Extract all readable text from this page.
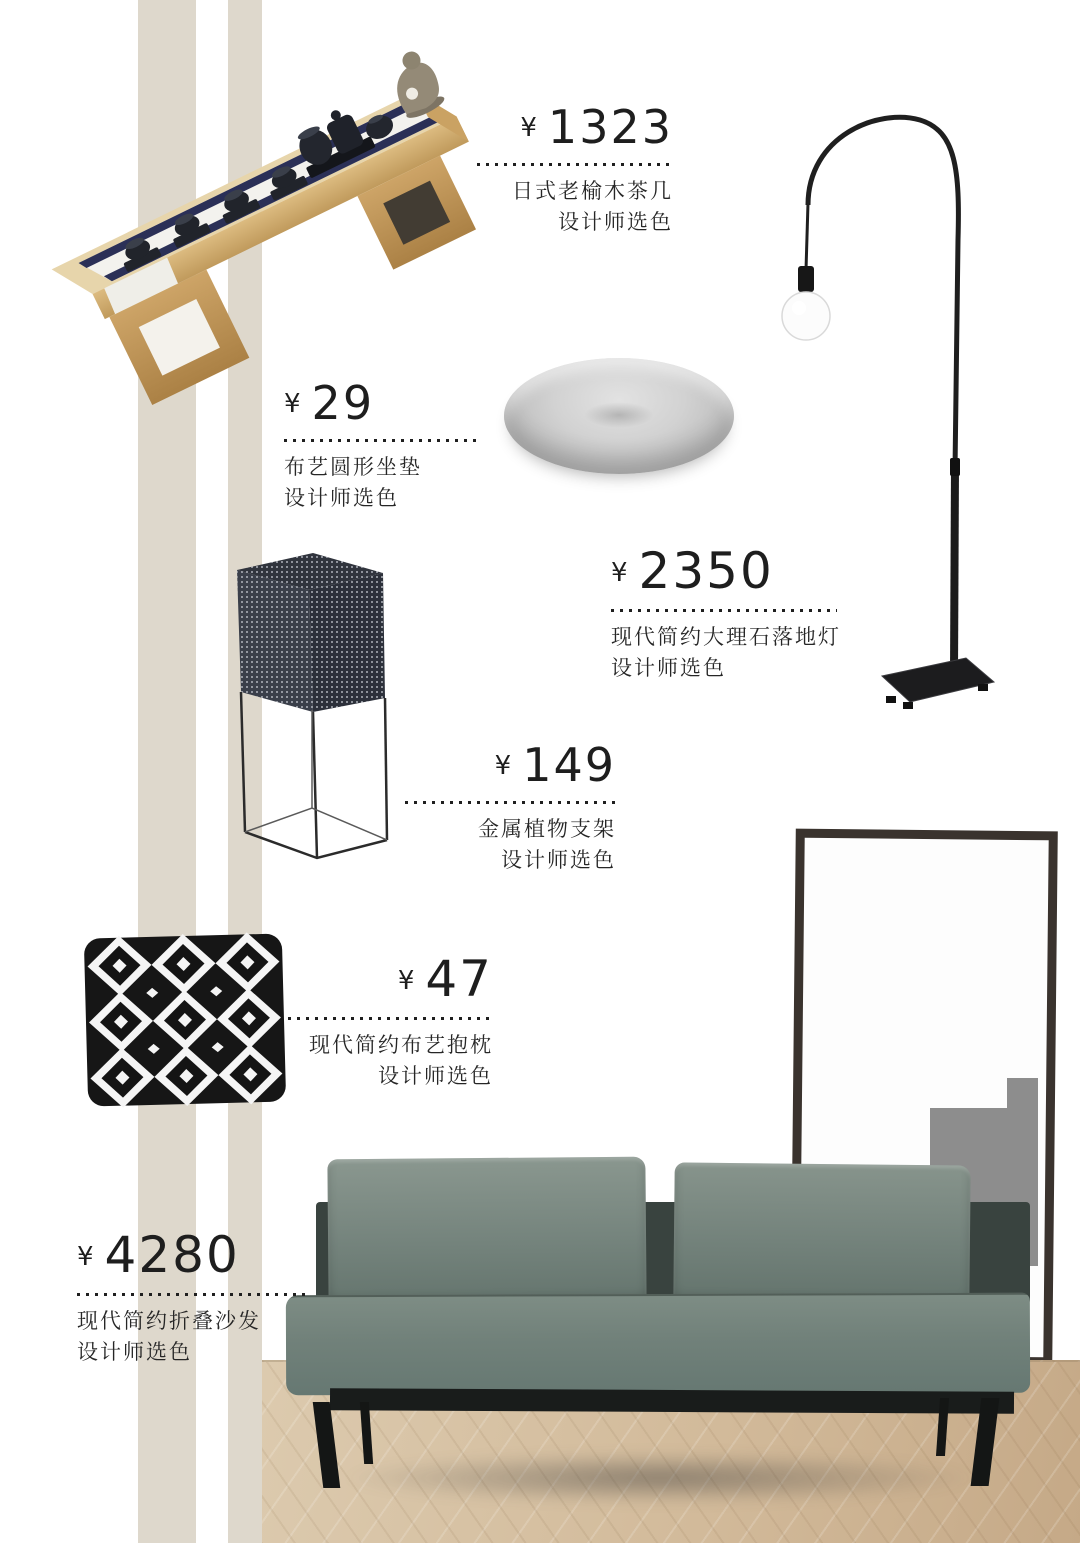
¥ 1323
日式老榆木茶几
设计师选色
¥ 29
布艺圆形坐垫
设计师选色
¥ 2350
现代简约大理石落地灯
设计师选色
¥ 149
金属植物支架
设计师选色
¥ 47
现代简约布艺抱枕
设计师选色
¥ 4280
现代简约折叠沙发
设计师选色
